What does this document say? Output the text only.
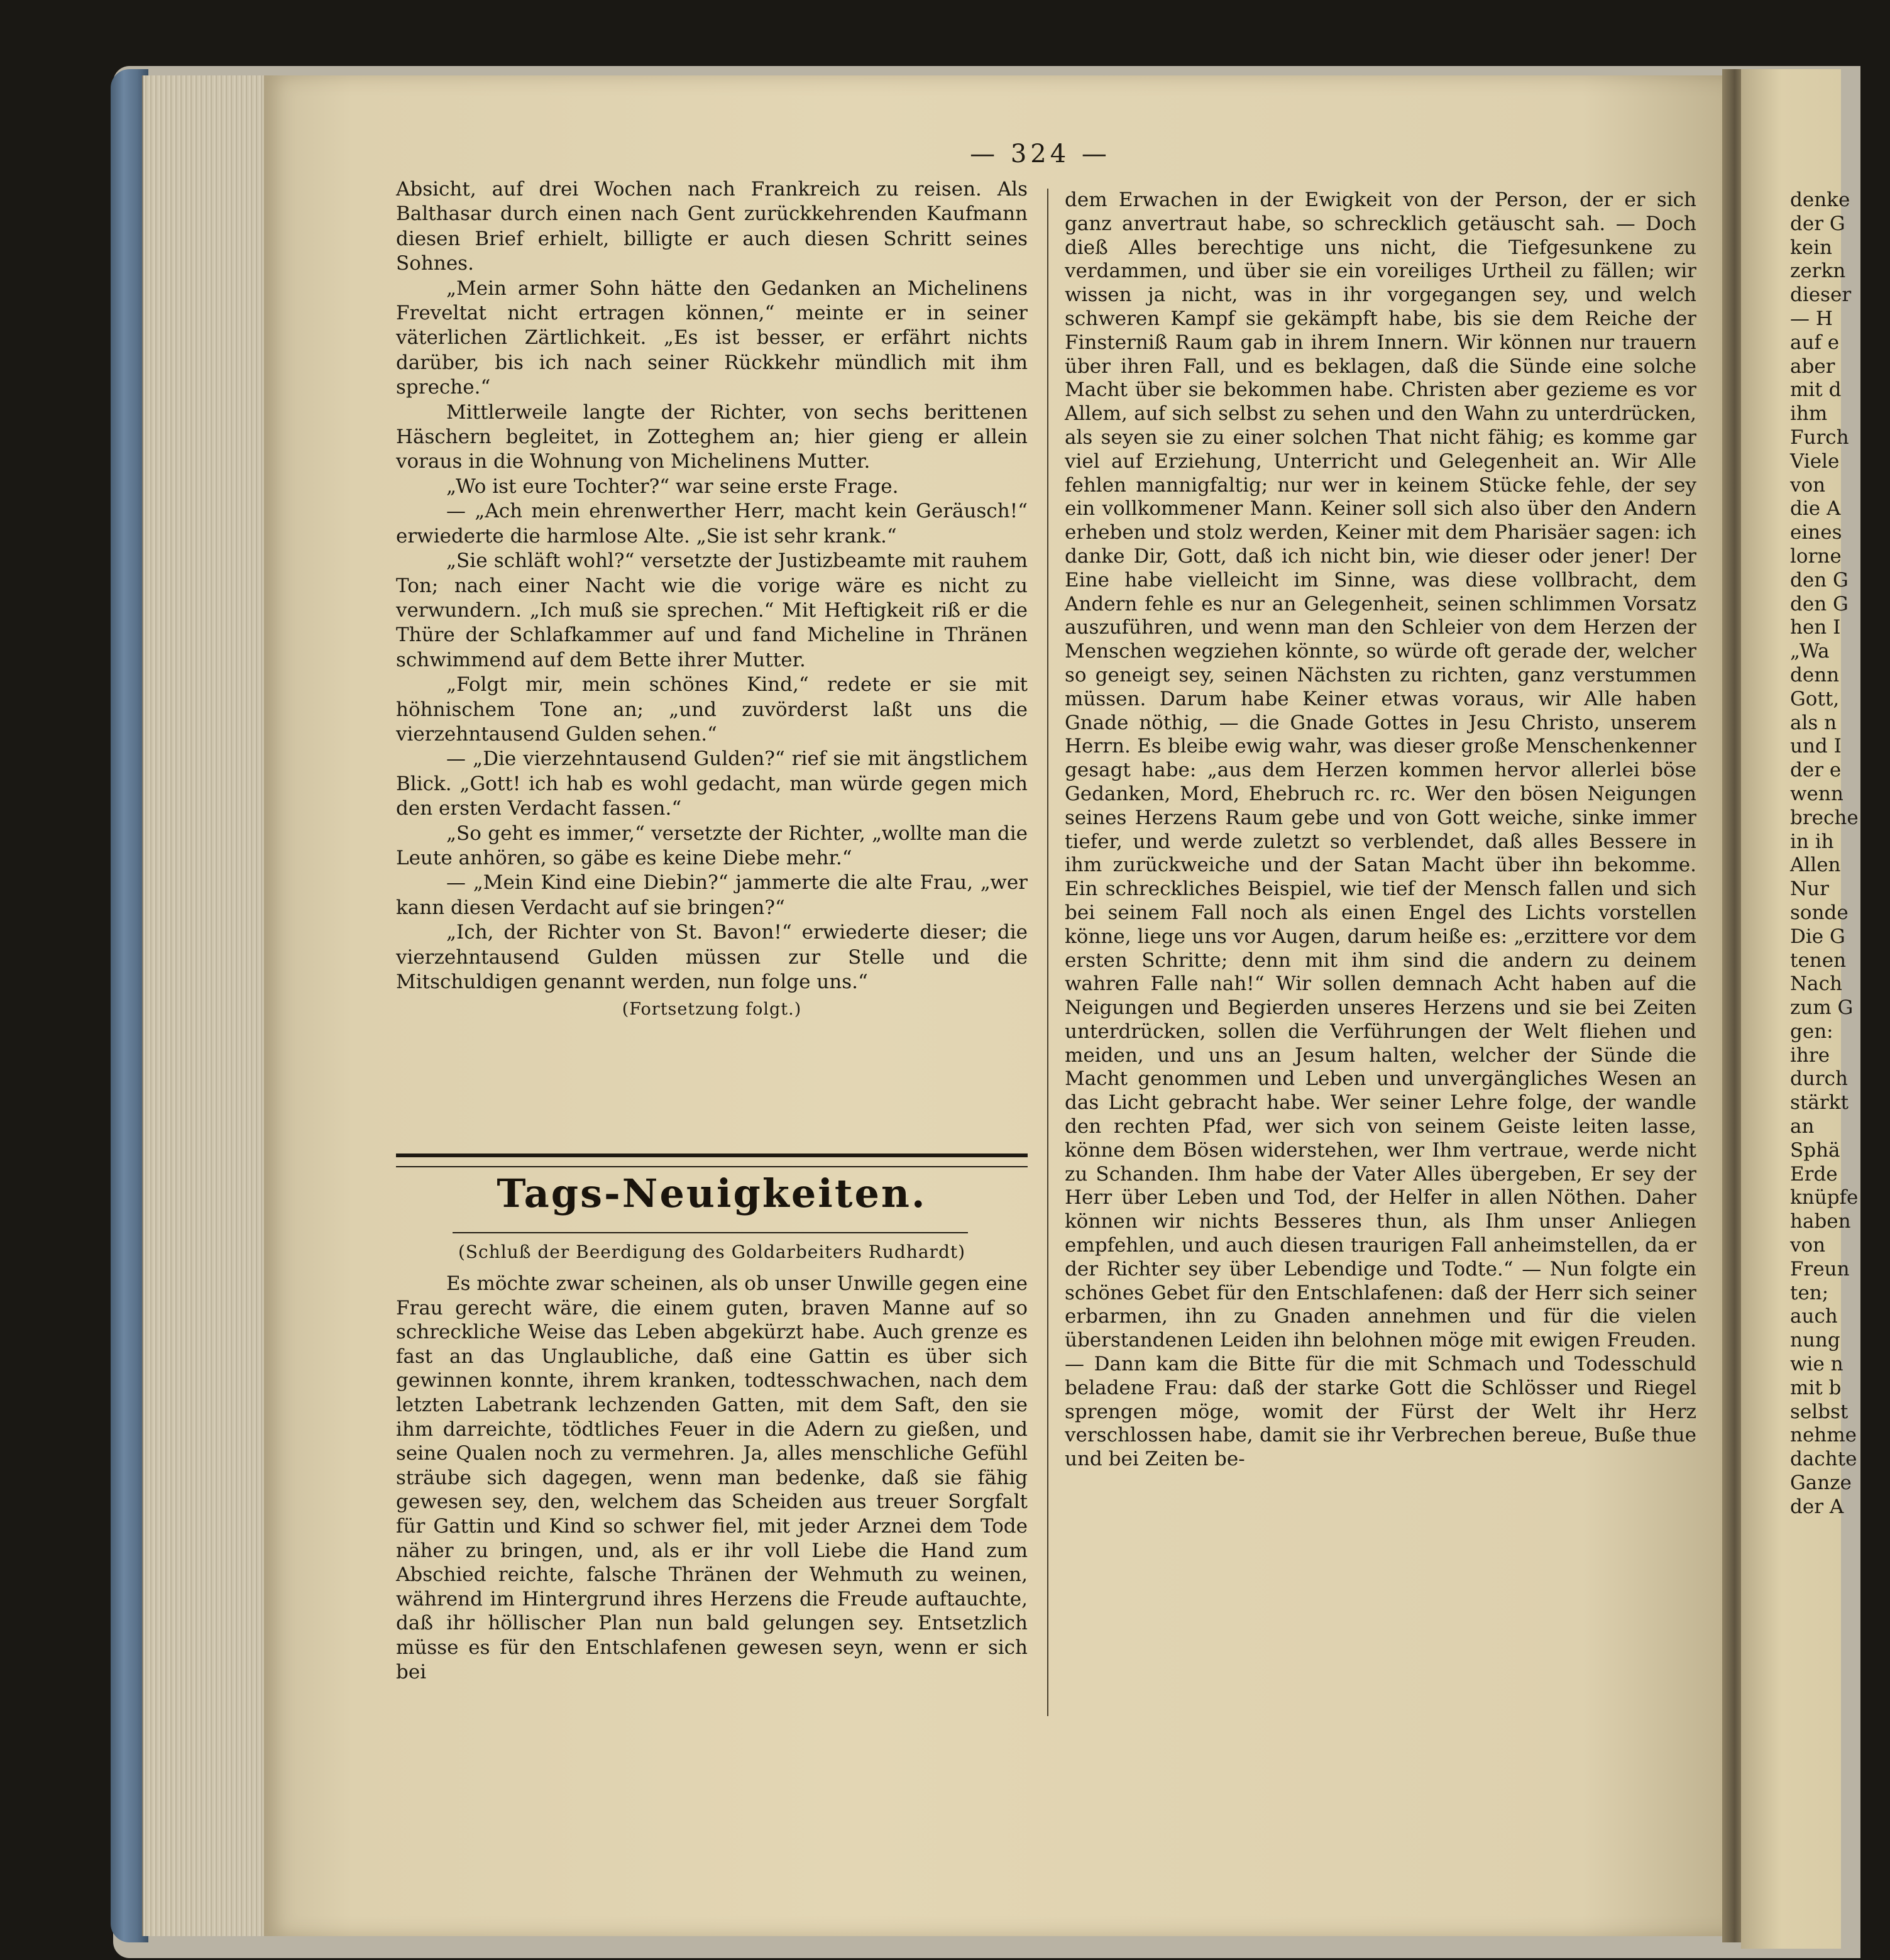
denke
der G
kein
zerkn
dieser
— H
auf e
aber
mit d
ihm
Furch
Viele
von
die A
eines
lorne
den G
den G
hen I
„Wa
denn
Gott,
als n
und I
der e
wenn
breche
in ih
Allen
Nur
sonde
Die G
tenen
Nach
zum G
gen:
ihre
durch
stärkt
an
Sphä
Erde
knüpfe
haben
von
Freun
ten;
auch
nung
wie n
mit b
selbst
nehme
dachte
Ganze
der A
— 324 —

Absicht, auf drei Wochen nach Frankreich zu reisen. Als Balthasar durch einen nach Gent zurückkehrenden Kaufmann diesen Brief erhielt, billigte er auch diesen Schritt seines Sohnes.

„Mein armer Sohn hätte den Gedanken an Michelinens Freveltat nicht ertragen können,“ meinte er in seiner väterlichen Zärtlichkeit. „Es ist besser, er erfährt nichts darüber, bis ich nach seiner Rückkehr mündlich mit ihm spreche.“

Mittlerweile langte der Richter, von sechs berittenen Häschern begleitet, in Zotteghem an; hier gieng er allein voraus in die Wohnung von Michelinens Mutter.

„Wo ist eure Tochter?“ war seine erste Frage.

— „Ach mein ehrenwerther Herr, macht kein Geräusch!“ erwiederte die harmlose Alte. „Sie ist sehr krank.“

„Sie schläft wohl?“ versetzte der Justizbeamte mit rauhem Ton; nach einer Nacht wie die vorige wäre es nicht zu verwundern. „Ich muß sie sprechen.“ Mit Heftigkeit riß er die Thüre der Schlafkammer auf und fand Micheline in Thränen schwimmend auf dem Bette ihrer Mutter.

„Folgt mir, mein schönes Kind,“ redete er sie mit höhnischem Tone an; „und zuvörderst laßt uns die vierzehntausend Gulden sehen.“

— „Die vierzehntausend Gulden?“ rief sie mit ängstlichem Blick. „Gott! ich hab es wohl gedacht, man würde gegen mich den ersten Verdacht fassen.“

„So geht es immer,“ versetzte der Richter, „wollte man die Leute anhören, so gäbe es keine Diebe mehr.“

— „Mein Kind eine Diebin?“ jammerte die alte Frau, „wer kann diesen Verdacht auf sie bringen?“

„Ich, der Richter von St. Bavon!“ erwiederte dieser; die vierzehntausend Gulden müssen zur Stelle und die Mitschuldigen genannt werden, nun folge uns.“

(Fortsetzung folgt.)

Tags-Neuigkeiten.
(Schluß der Beerdigung des Goldarbeiters Rudhardt)

Es möchte zwar scheinen, als ob unser Unwille gegen eine Frau gerecht wäre, die einem guten, braven Manne auf so schreckliche Weise das Leben abgekürzt habe. Auch grenze es fast an das Unglaubliche, daß eine Gattin es über sich gewinnen konnte, ihrem kranken, todtesschwachen, nach dem letzten Labetrank lechzenden Gatten, mit dem Saft, den sie ihm darreichte, tödtliches Feuer in die Adern zu gießen, und seine Qualen noch zu vermehren. Ja, alles menschliche Gefühl sträube sich dagegen, wenn man bedenke, daß sie fähig gewesen sey, den, welchem das Scheiden aus treuer Sorgfalt für Gattin und Kind so schwer fiel, mit jeder Arznei dem Tode näher zu bringen, und, als er ihr voll Liebe die Hand zum Abschied reichte, falsche Thränen der Wehmuth zu weinen, während im Hintergrund ihres Herzens die Freude auftauchte, daß ihr höllischer Plan nun bald gelungen sey. Entsetzlich müsse es für den Entschlafenen gewesen seyn, wenn er sich bei

dem Erwachen in der Ewigkeit von der Person, der er sich ganz anvertraut habe, so schrecklich getäuscht sah. — Doch dieß Alles berechtige uns nicht, die Tiefgesunkene zu verdammen, und über sie ein voreiliges Urtheil zu fällen; wir wissen ja nicht, was in ihr vorgegangen sey, und welch schweren Kampf sie gekämpft habe, bis sie dem Reiche der Finsterniß Raum gab in ihrem Innern. Wir können nur trauern über ihren Fall, und es beklagen, daß die Sünde eine solche Macht über sie bekommen habe. Christen aber gezieme es vor Allem, auf sich selbst zu sehen und den Wahn zu unterdrücken, als seyen sie zu einer solchen That nicht fähig; es komme gar viel auf Erziehung, Unterricht und Gelegenheit an. Wir Alle fehlen mannigfaltig; nur wer in keinem Stücke fehle, der sey ein vollkommener Mann. Keiner soll sich also über den Andern erheben und stolz werden, Keiner mit dem Pharisäer sagen: ich danke Dir, Gott, daß ich nicht bin, wie dieser oder jener! Der Eine habe vielleicht im Sinne, was diese vollbracht, dem Andern fehle es nur an Gelegenheit, seinen schlimmen Vorsatz auszuführen, und wenn man den Schleier von dem Herzen der Menschen wegziehen könnte, so würde oft gerade der, welcher so geneigt sey, seinen Nächsten zu richten, ganz verstummen müssen. Darum habe Keiner etwas voraus, wir Alle haben Gnade nöthig, — die Gnade Gottes in Jesu Christo, unserem Herrn. Es bleibe ewig wahr, was dieser große Menschenkenner gesagt habe: „aus dem Herzen kommen hervor allerlei böse Gedanken, Mord, Ehebruch rc. rc. Wer den bösen Neigungen seines Herzens Raum gebe und von Gott weiche, sinke immer tiefer, und werde zuletzt so verblendet, daß alles Bessere in ihm zurückweiche und der Satan Macht über ihn bekomme. Ein schreckliches Beispiel, wie tief der Mensch fallen und sich bei seinem Fall noch als einen Engel des Lichts vorstellen könne, liege uns vor Augen, darum heiße es: „erzittere vor dem ersten Schritte; denn mit ihm sind die andern zu deinem wahren Falle nah!“ Wir sollen demnach Acht haben auf die Neigungen und Begierden unseres Herzens und sie bei Zeiten unterdrücken, sollen die Verführungen der Welt fliehen und meiden, und uns an Jesum halten, welcher der Sünde die Macht genommen und Leben und unvergängliches Wesen an das Licht gebracht habe. Wer seiner Lehre folge, der wandle den rechten Pfad, wer sich von seinem Geiste leiten lasse, könne dem Bösen widerstehen, wer Ihm vertraue, werde nicht zu Schanden. Ihm habe der Vater Alles übergeben, Er sey der Herr über Leben und Tod, der Helfer in allen Nöthen. Daher können wir nichts Besseres thun, als Ihm unser Anliegen empfehlen, und auch diesen traurigen Fall anheimstellen, da er der Richter sey über Lebendige und Todte.“ — Nun folgte ein schönes Gebet für den Entschlafenen: daß der Herr sich seiner erbarmen, ihn zu Gnaden annehmen und für die vielen überstandenen Leiden ihn belohnen möge mit ewigen Freuden. — Dann kam die Bitte für die mit Schmach und Todesschuld beladene Frau: daß der starke Gott die Schlösser und Riegel sprengen möge, womit der Fürst der Welt ihr Herz verschlossen habe, damit sie ihr Verbrechen bereue, Buße thue und bei Zeiten be-
